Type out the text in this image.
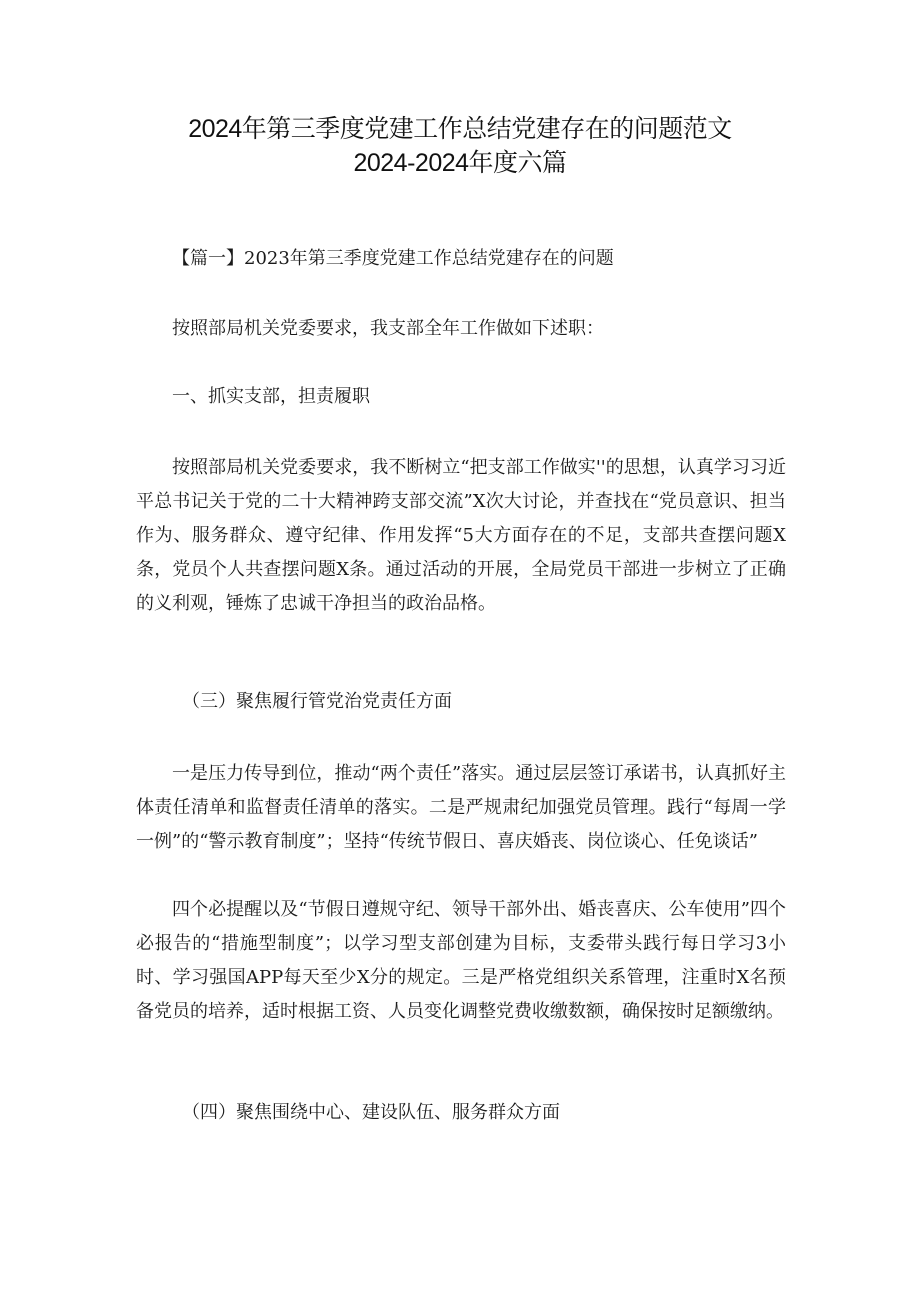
2024年第三季度党建工作总结党建存在的问题范文
2024-2024年度六篇
【篇一】2023年第三季度党建工作总结党建存在的问题
按照部局机关党委要求，我支部全年工作做如下述职：
一、抓实支部，担责履职

按照部局机关党委要求，我不断树立“把支部工作做实''的思想，认真学习习近平总书记关于党的二十大精神跨支部交流”X次大讨论，并查找在“党员意识、担当作为、服务群众、遵守纪律、作用发挥“5大方面存在的不足，支部共查摆问题X条，党员个人共查摆问题X条。通过活动的开展，全局党员干部进一步树立了正确的义利观，锤炼了忠诚干净担当的政治品格。

（三）聚焦履行管党治党责任方面

一是压力传导到位，推动“两个责任”落实。通过层层签订承诺书，认真抓好主体责任清单和监督责任清单的落实。二是严规肃纪加强党员管理。践行“每周一学一例”的“警示教育制度”；坚持“传统节假日、喜庆婚丧、岗位谈心、任免谈话”

四个必提醒以及“节假日遵规守纪、领导干部外出、婚丧喜庆、公车使用”四个必报告的“措施型制度”；以学习型支部创建为目标，支委带头践行每日学习3小时、学习强国APP每天至少X分的规定。三是严格党组织关系管理，注重时X名预备党员的培养，适时根据工资、人员变化调整党费收缴数额，确保按时足额缴纳。

（四）聚焦围绕中心、建设队伍、服务群众方面
